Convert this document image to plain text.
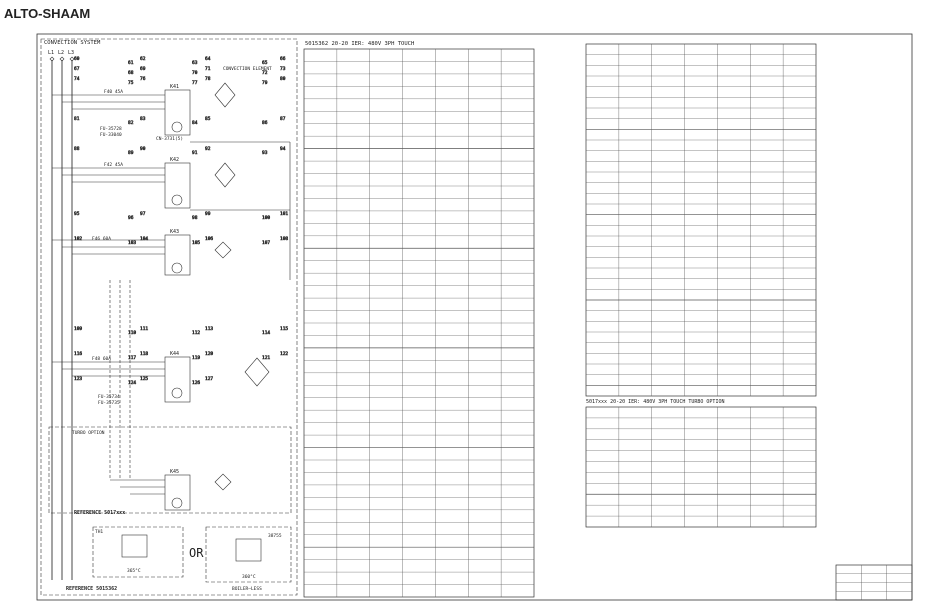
ALTO-SHAAM
CONVECTION SYSTEM
L1 L2 L3
K41
CONVECTION ELEMENT
F40 45A
FU-35728
FU-33040
CN-3731(5)
K42
F42 45A
K43
F46 60A
K44
F48 60A
FU-35734
FU-35735
TURBO OPTION
K45
REFERENCE 5017xxx
TH1
365°C
OR
38755
360°C
BOILER—LESS
REFERENCE 5015362
60
61
62
63
64
65
66
67
68
69
70
71
72
73
74
75
76
77
78
79
80
81
82
83
84
85
86
87
88
89
90
91
92
93
94
95
96
97
98
99
100
101
102
103
104
105
106
107
108
109
110
111
112
113
114
115
116
117
118
119
120
121
122
123
124
125
126
127
5015362 20-20 IER: 480V 3PH TOUCH
5017xxx 20-20 IER: 480V 3PH TOUCH TURBO OPTION
